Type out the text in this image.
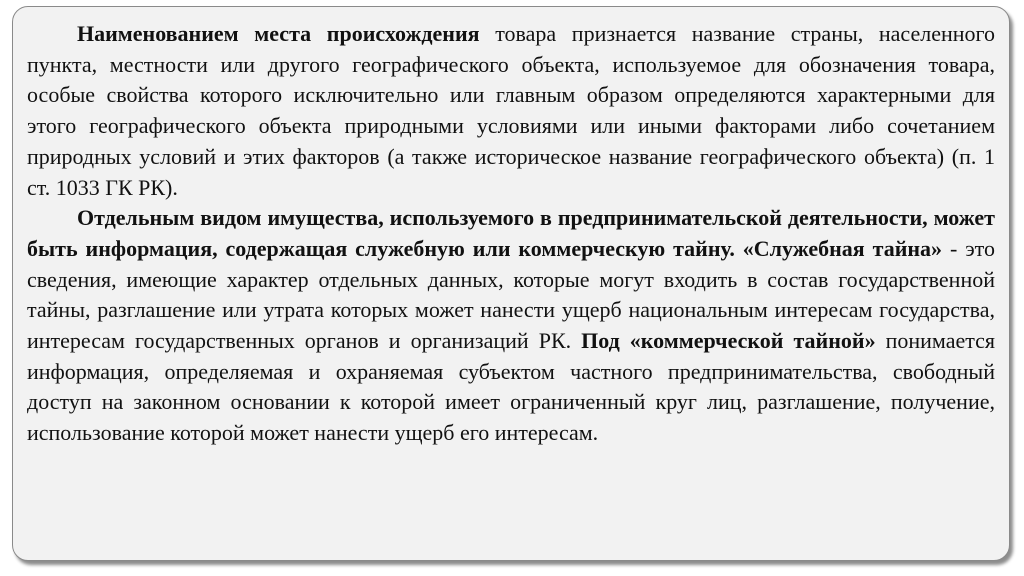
Наименованием места происхождения товара признается название страны, населенного пункта, местности или другого географического объекта, используемое для обозначения товара, особые свойства которого исключительно или главным образом определяются характерными для этого географического объекта природными условиями или иными факторами либо сочетанием природных условий и этих факторов (а также историческое название географического объекта) (п. 1 ст. 1033 ГК РК).

Отдельным видом имущества, используемого в предпринимательской деятельности, может быть информация, содержащая служебную или коммерческую тайну. «Служебная тайна» - это сведения, имеющие характер отдельных данных, которые могут входить в состав государственной тайны, разглашение или утрата которых может нанести ущерб национальным интересам государства, интересам государственных органов и организаций РК. Под «коммерческой тайной» понимается информация, определяемая и охраняемая субъектом частного предпринимательства, свободный доступ на законном основании к которой имеет ограниченный круг лиц, разглашение, получение, использование которой может нанести ущерб его интересам.
